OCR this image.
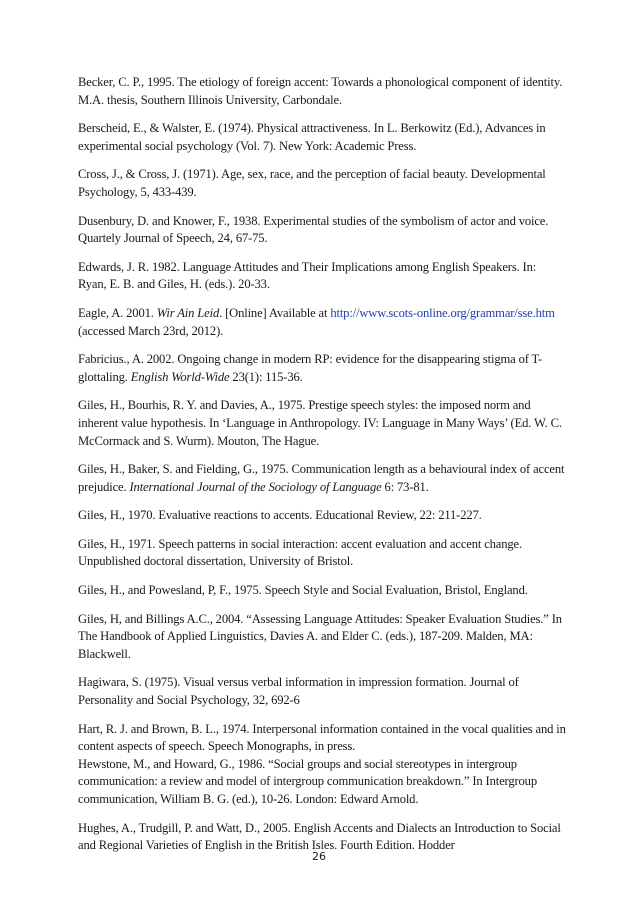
Becker, C. P., 1995. The etiology of foreign accent: Towards a phonological component of identity. M.A. thesis, Southern Illinois University, Carbondale.

Berscheid, E., & Walster, E. (1974). Physical attractiveness. In L. Berkowitz (Ed.), Advances in experimental social psychology (Vol. 7). New York: Academic Press.

Cross, J., & Cross, J. (1971). Age, sex, race, and the perception of facial beauty. Developmental Psychology, 5, 433-439.

Dusenbury, D. and Knower, F., 1938. Experimental studies of the symbolism of actor and voice. Quartely Journal of Speech, 24, 67-75.

Edwards, J. R. 1982. Language Attitudes and Their Implications among English Speakers. In: Ryan, E. B. and Giles, H. (eds.). 20-33.

Eagle, A. 2001. Wir Ain Leid. [Online] Available at http://www.scots-online.org/grammar/sse.htm (accessed March 23rd, 2012).

Fabricius., A. 2002. Ongoing change in modern RP: evidence for the disappearing stigma of T-glottaling. English World-Wide 23(1): 115-36.

Giles, H., Bourhis, R. Y. and Davies, A., 1975. Prestige speech styles: the imposed norm and inherent value hypothesis. In ‘Language in Anthropology. IV: Language in Many Ways’ (Ed. W. C. McCormack and S. Wurm). Mouton, The Hague.

Giles, H., Baker, S. and Fielding, G., 1975. Communication length as a behavioural index of accent prejudice. International Journal of the Sociology of Language 6: 73-81.

Giles, H., 1970. Evaluative reactions to accents. Educational Review, 22: 211-227.

Giles, H., 1971. Speech patterns in social interaction: accent evaluation and accent change. Unpublished doctoral dissertation, University of Bristol.

Giles, H., and Powesland, P, F., 1975. Speech Style and Social Evaluation, Bristol, England.

Giles, H, and Billings A.C., 2004. “Assessing Language Attitudes: Speaker Evaluation Studies.” In The Handbook of Applied Linguistics, Davies A. and Elder C. (eds.), 187-209. Malden, MA: Blackwell.

Hagiwara, S. (1975). Visual versus verbal information in impression formation. Journal of Personality and Social Psychology, 32, 692-6

Hart, R. J. and Brown, B. L., 1974. Interpersonal information contained in the vocal qualities and in content aspects of speech. Speech Monographs, in press.

Hewstone, M., and Howard, G., 1986. “Social groups and social stereotypes in intergroup communication: a review and model of intergroup communication breakdown.” In Intergroup communication, William B. G. (ed.), 10-26. London: Edward Arnold.

Hughes, A., Trudgill, P. and Watt, D., 2005. English Accents and Dialects an Introduction to Social and Regional Varieties of English in the British Isles. Fourth Edition. Hodder

26
